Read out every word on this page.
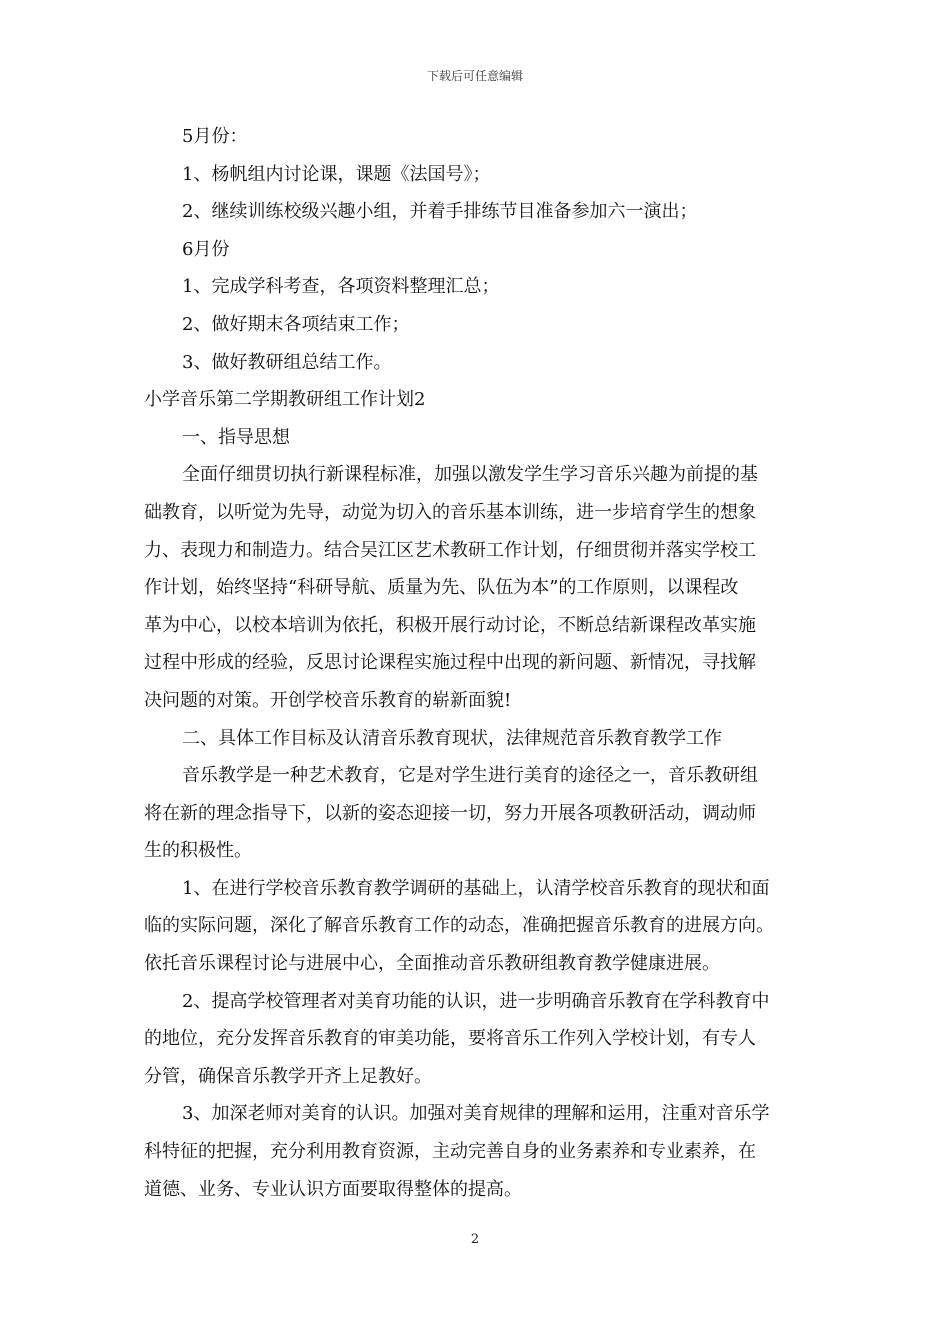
下载后可任意编辑

5月份：

1、杨帆组内讨论课，课题《法国号》；

2、继续训练校级兴趣小组，并着手排练节目准备参加六一演出；

6月份

1、完成学科考查，各项资料整理汇总；

2、做好期末各项结束工作；

3、做好教研组总结工作。

小学音乐第二学期教研组工作计划2

一、指导思想

全面仔细贯切执行新课程标准，加强以激发学生学习音乐兴趣为前提的基

础教育，以听觉为先导，动觉为切入的音乐基本训练，进一步培育学生的想象

力、表现力和制造力。结合吴江区艺术教研工作计划，仔细贯彻并落实学校工

作计划，始终坚持“科研导航、质量为先、队伍为本”的工作原则，以课程改

革为中心，以校本培训为依托，积极开展行动讨论，不断总结新课程改革实施

过程中形成的经验，反思讨论课程实施过程中出现的新问题、新情况，寻找解

决问题的对策。开创学校音乐教育的崭新面貌!

二、具体工作目标及认清音乐教育现状，法律规范音乐教育教学工作

音乐教学是一种艺术教育，它是对学生进行美育的途径之一，音乐教研组

将在新的理念指导下，以新的姿态迎接一切，努力开展各项教研活动，调动师

生的积极性。

1、在进行学校音乐教育教学调研的基础上，认清学校音乐教育的现状和面

临的实际问题，深化了解音乐教育工作的动态，准确把握音乐教育的进展方向。

依托音乐课程讨论与进展中心，全面推动音乐教研组教育教学健康进展。

2、提高学校管理者对美育功能的认识，进一步明确音乐教育在学科教育中

的地位，充分发挥音乐教育的审美功能，要将音乐工作列入学校计划，有专人

分管，确保音乐教学开齐上足教好。

3、加深老师对美育的认识。加强对美育规律的理解和运用，注重对音乐学

科特征的把握，充分利用教育资源，主动完善自身的业务素养和专业素养，在

道德、业务、专业认识方面要取得整体的提高。

2
